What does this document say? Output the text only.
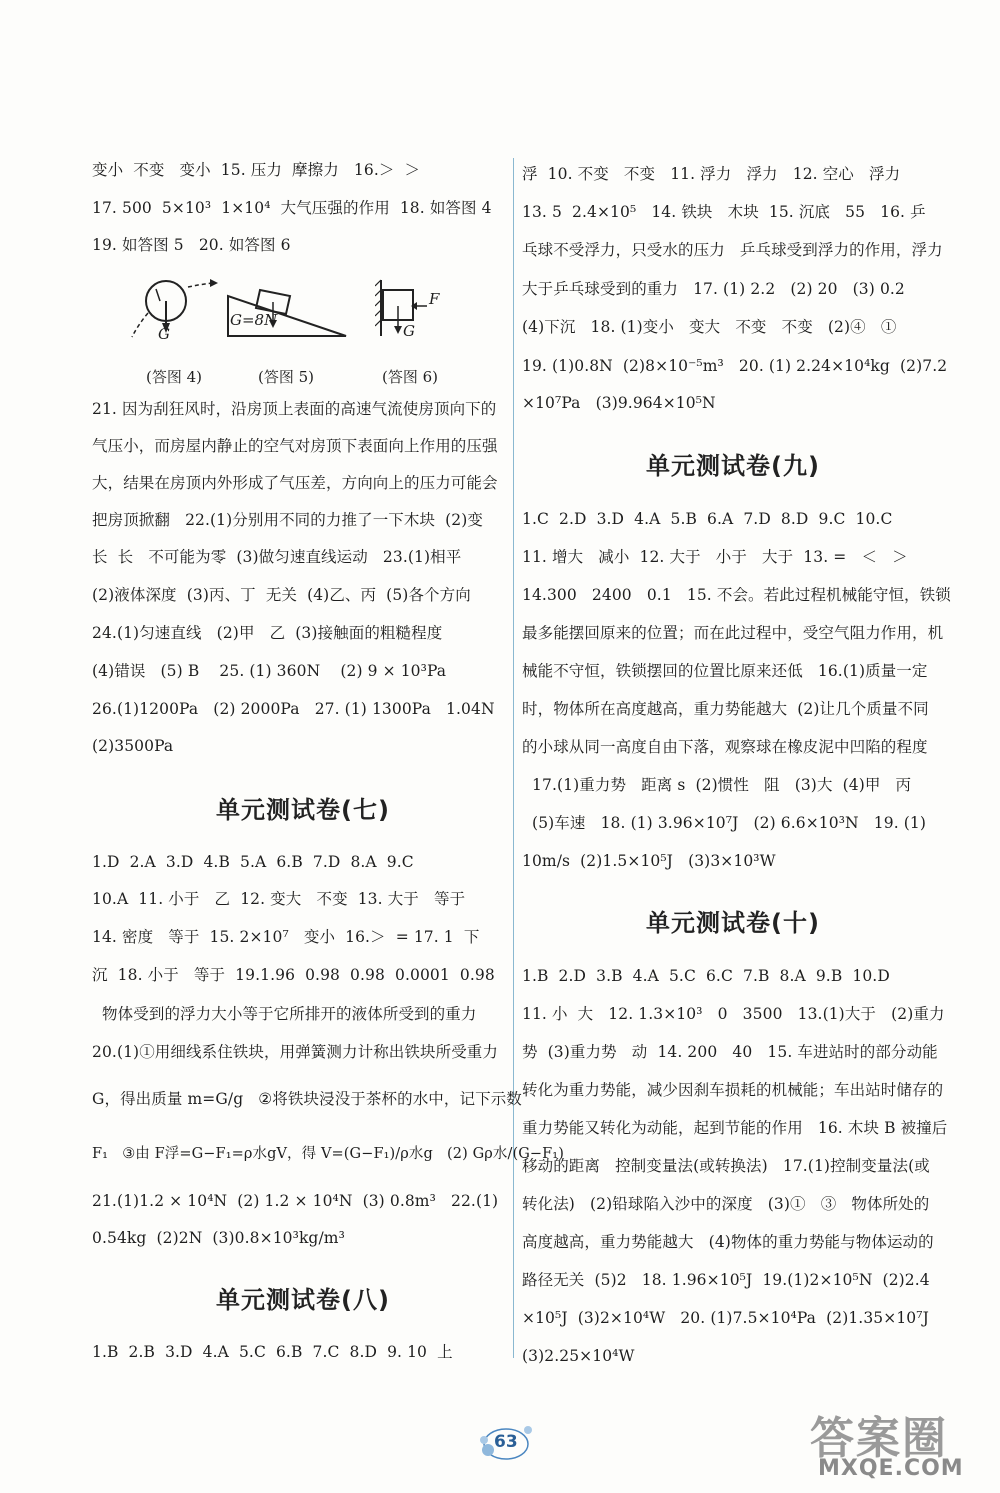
变小  不变   变小  15. 压力  摩擦力   16.＞  ＞
17. 500  5×10³  1×10⁴  大气压强的作用  18. 如答图 4
19. 如答图 5   20. 如答图 6
G
G=8N
F
G
(答图 4)	(答图 5)	(答图 6)
21. 因为刮狂风时，沿房顶上表面的高速气流使房顶向下的
气压小，而房屋内静止的空气对房顶下表面向上作用的压强
大，结果在房顶内外形成了气压差，方向向上的压力可能会
把房顶掀翻   22.(1)分别用不同的力推了一下木块  (2)变
长  长   不可能为零  (3)做匀速直线运动   23.(1)相平
(2)液体深度  (3)丙、丁  无关  (4)乙、丙  (5)各个方向
24.(1)匀速直线   (2)甲   乙  (3)接触面的粗糙程度
(4)错误   (5) B    25. (1) 360N    (2) 9 × 10³Pa
26.(1)1200Pa   (2) 2000Pa   27. (1) 1300Pa   1.04N
(2)3500Pa
单元测试卷(七)
1.D  2.A  3.D  4.B  5.A  6.B  7.D  8.A  9.C
10.A  11. 小于   乙  12. 变大   不变  13. 大于   等于
14. 密度   等于  15. 2×10⁷   变小  16.＞  = 17. 1  下
沉  18. 小于   等于  19.1.96  0.98  0.98  0.0001  0.98
物体受到的浮力大小等于它所排开的液体所受到的重力
20.(1)①用细线系住铁块，用弹簧测力计称出铁块所受重力
G，得出质量 m=G/g   ②将铁块浸没于茶杯的水中，记下示数
F₁   ③由 F浮=G−F₁=ρ水gV，得 V=(G−F₁)/ρ水g   (2) Gρ水/(G−F₁)
21.(1)1.2 × 10⁴N  (2) 1.2 × 10⁴N  (3) 0.8m³   22.(1)
0.54kg  (2)2N  (3)0.8×10³kg/m³
单元测试卷(八)
1.B  2.B  3.D  4.A  5.C  6.B  7.C  8.D  9. 10  上
浮  10. 不变   不变   11. 浮力   浮力   12. 空心   浮力
13. 5  2.4×10⁵   14. 铁块   木块  15. 沉底   55   16. 乒
乓球不受浮力，只受水的压力   乒乓球受到浮力的作用，浮力
大于乒乓球受到的重力   17. (1) 2.2   (2) 20   (3) 0.2
(4)下沉   18. (1)变小   变大   不变   不变   (2)④   ①
19. (1)0.8N  (2)8×10⁻⁵m³   20. (1) 2.24×10⁴kg  (2)7.2
×10⁷Pa   (3)9.964×10⁵N
单元测试卷(九)
1.C  2.D  3.D  4.A  5.B  6.A  7.D  8.D  9.C  10.C
11. 增大   减小  12. 大于   小于   大于  13. =   ＜   ＞
14.300   2400   0.1   15. 不会。若此过程机械能守恒，铁锁
最多能摆回原来的位置；而在此过程中，受空气阻力作用，机
械能不守恒，铁锁摆回的位置比原来还低   16.(1)质量一定
时，物体所在高度越高，重力势能越大  (2)让几个质量不同
的小球从同一高度自由下落，观察球在橡皮泥中凹陷的程度
17.(1)重力势   距离 s  (2)惯性   阻   (3)大  (4)甲   丙
(5)车速   18. (1) 3.96×10⁷J   (2) 6.6×10³N   19. (1)
10m/s  (2)1.5×10⁵J   (3)3×10³W
单元测试卷(十)
1.B  2.D  3.B  4.A  5.C  6.C  7.B  8.A  9.B  10.D
11. 小  大   12. 1.3×10³   0   3500   13.(1)大于   (2)重力
势  (3)重力势   动  14. 200   40   15. 车进站时的部分动能
转化为重力势能，减少因刹车损耗的机械能；车出站时储存的
重力势能又转化为动能，起到节能的作用   16. 木块 B 被撞后
移动的距离   控制变量法(或转换法)   17.(1)控制变量法(或
转化法)   (2)铅球陷入沙中的深度   (3)①   ③   物体所处的
高度越高，重力势能越大   (4)物体的重力势能与物体运动的
路径无关  (5)2   18. 1.96×10⁵J  19.(1)2×10⁵N  (2)2.4
×10⁵J  (3)2×10⁴W   20. (1)7.5×10⁴Pa  (2)1.35×10⁷J
(3)2.25×10⁴W
63	答案圈
MXQE.COM
